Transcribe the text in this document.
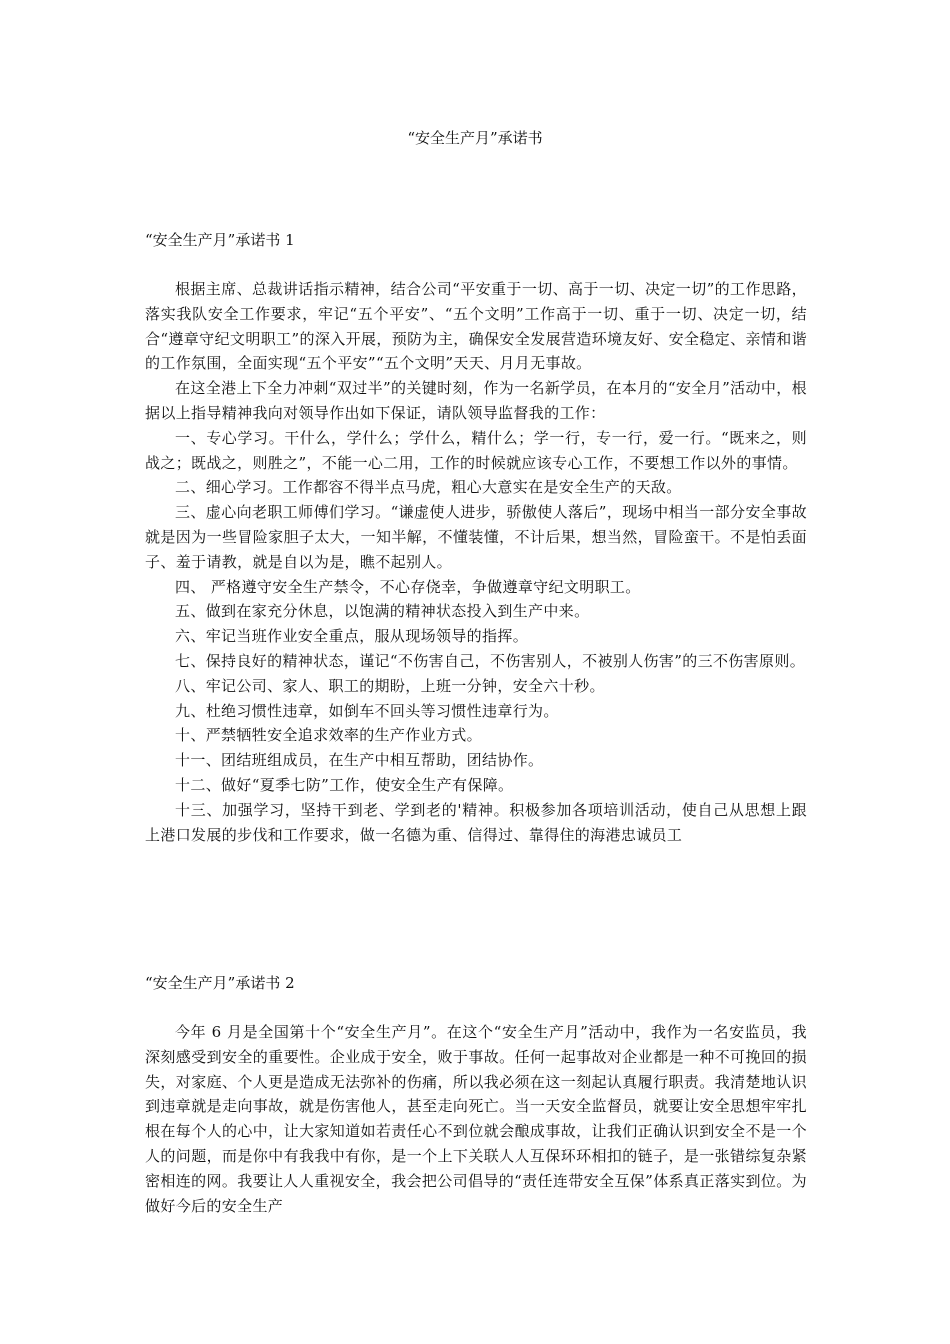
“安全生产月”承诺书
“安全生产月”承诺书 1

根据主席、总裁讲话指示精神，结合公司“平安重于一切、高于一切、决定一切”的工作思路，落实我队安全工作要求，牢记“五个平安”、“五个文明”工作高于一切、重于一切、决定一切，结合“遵章守纪文明职工”的深入开展，预防为主，确保安全发展营造环境友好、安全稳定、亲情和谐的工作氛围，全面实现“五个平安”“五个文明”天天、月月无事故。

在这全港上下全力冲刺“双过半”的关键时刻，作为一名新学员，在本月的“安全月”活动中，根据以上指导精神我向对领导作出如下保证，请队领导监督我的工作：

一、专心学习。干什么，学什么；学什么，精什么；学一行，专一行，爱一行。“既来之，则战之；既战之，则胜之”，不能一心二用，工作的时候就应该专心工作，不要想工作以外的事情。

二、细心学习。工作都容不得半点马虎，粗心大意实在是安全生产的天敌。

三、虚心向老职工师傅们学习。“谦虚使人进步，骄傲使人落后”，现场中相当一部分安全事故就是因为一些冒险家胆子太大，一知半解，不懂装懂，不计后果，想当然，冒险蛮干。不是怕丢面子、羞于请教，就是自以为是，瞧不起别人。

四、 严格遵守安全生产禁令，不心存侥幸，争做遵章守纪文明职工。

五、做到在家充分休息，以饱满的精神状态投入到生产中来。

六、牢记当班作业安全重点，服从现场领导的指挥。

七、保持良好的精神状态，谨记“不伤害自己，不伤害别人，不被别人伤害”的三不伤害原则。

八、牢记公司、家人、职工的期盼，上班一分钟，安全六十秒。

九、杜绝习惯性违章，如倒车不回头等习惯性违章行为。

十、严禁牺牲安全追求效率的生产作业方式。

十一、团结班组成员，在生产中相互帮助，团结协作。

十二、做好“夏季七防”工作，使安全生产有保障。

十三、加强学习，坚持干到老、学到老的'精神。积极参加各项培训活动，使自己从思想上跟上港口发展的步伐和工作要求，做一名德为重、信得过、靠得住的海港忠诚员工

“安全生产月”承诺书 2

今年 6 月是全国第十个“安全生产月”。在这个“安全生产月”活动中，我作为一名安监员，我深刻感受到安全的重要性。企业成于安全，败于事故。任何一起事故对企业都是一种不可挽回的损失，对家庭、个人更是造成无法弥补的伤痛，所以我必须在这一刻起认真履行职责。我清楚地认识到违章就是走向事故，就是伤害他人，甚至走向死亡。当一天安全监督员，就要让安全思想牢牢扎根在每个人的心中，让大家知道如若责任心不到位就会酿成事故，让我们正确认识到安全不是一个人的问题，而是你中有我我中有你，是一个上下关联人人互保环环相扣的链子，是一张错综复杂紧密相连的网。我要让人人重视安全，我会把公司倡导的“责任连带安全互保”体系真正落实到位。为做好今后的安全生产
